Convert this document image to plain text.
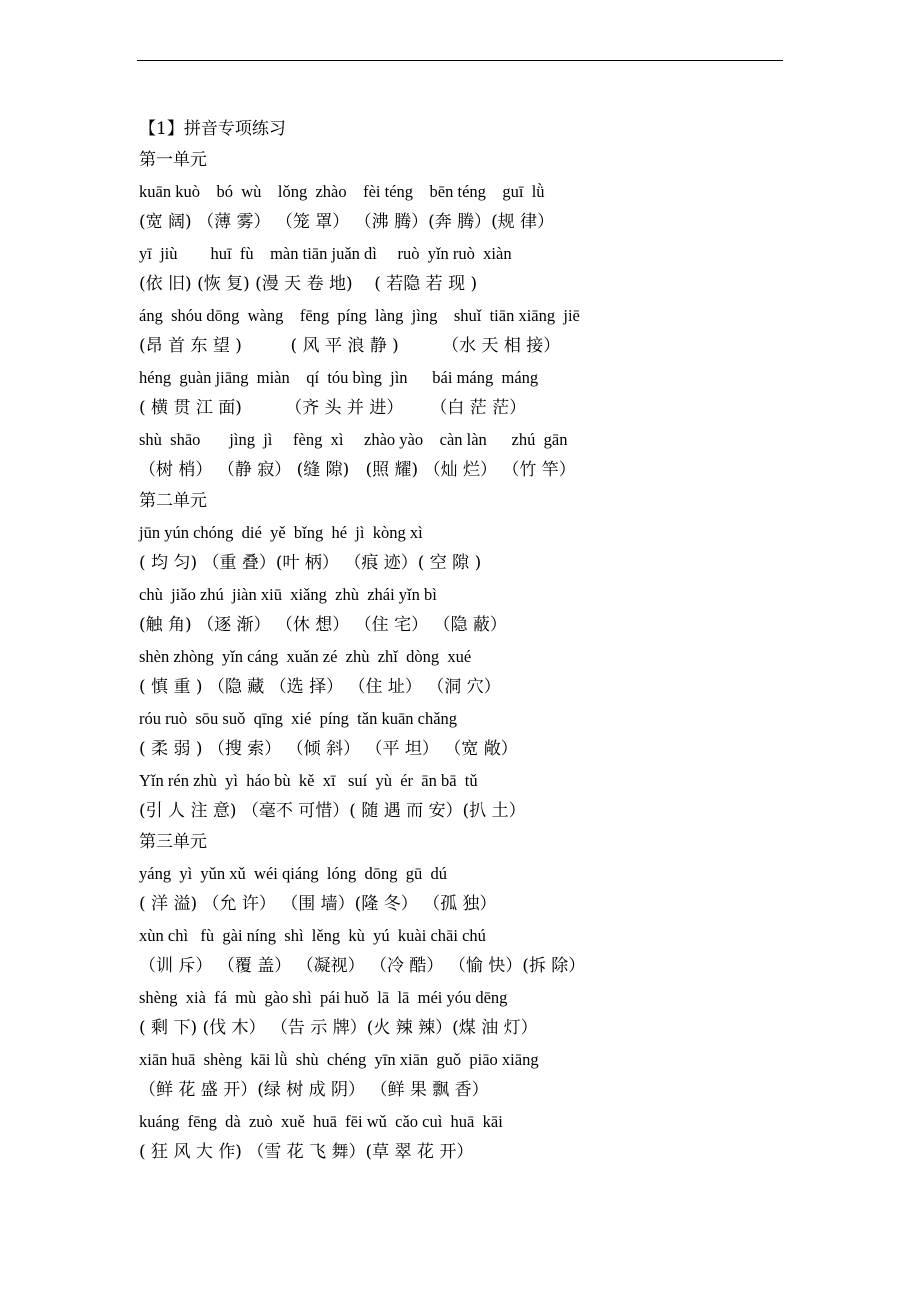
【1】拼音专项练习
第一单元
kuān kuò    bó  wù    lǒng  zhào    fèi téng    bēn téng    guī  lǜ
(宽 阔) （薄 雾） （笼 罩） （沸 腾）(奔 腾）(规 律）
yī  jiù        huī  fù    màn tiān juǎn dì     ruò  yǐn ruò  xiàn
(依 旧) (恢 复) (漫 天 卷 地)    ( 若隐 若 现 )
áng  shóu dōng  wàng    fēng  píng  làng  jìng    shuǐ  tiān xiāng  jiē
(昂 首 东 望 )         ( 风 平 浪 静 )        （水 天 相 接）
héng  guàn jiāng  miàn    qí  tóu bìng  jìn      bái máng  máng
( 横 贯 江 面)        （齐 头 并 进）     （白 茫 茫）
shù  shāo       jìng  jì     fèng  xì     zhào yào    càn làn      zhú  gān
（树 梢） （静 寂） (缝 隙)   (照 耀) （灿 烂） （竹 竿）
第二单元
jūn yún chóng  dié  yě  bǐng  hé  jì  kòng xì
( 均 匀) （重 叠）(叶 柄） （痕 迹）( 空 隙 )
chù  jiǎo zhú  jiàn xiū  xiǎng  zhù  zhái yǐn bì
(触 角) （逐 渐） （休 想） （住 宅） （隐 蔽）
shèn zhòng  yǐn cáng  xuǎn zé  zhù  zhǐ  dòng  xué
( 慎 重 ) （隐 藏 （选 择） （住 址） （洞 穴）
róu ruò  sōu suǒ  qīng  xié  píng  tǎn kuān chǎng
( 柔 弱 ) （搜 索） （倾 斜） （平 坦） （宽 敞）
Yǐn rén zhù  yì  háo bù  kě  xī   suí  yù  ér  ān bā  tǔ
(引 人 注 意) （毫不 可惜）( 随 遇 而 安）(扒 土）
第三单元
yáng  yì  yǔn xǔ  wéi qiáng  lóng  dōng  gū  dú
( 洋 溢) （允 许） （围 墙）(隆 冬） （孤 独）
xùn chì   fù  gài níng  shì  lěng  kù  yú  kuài chāi chú
（训 斥） （覆 盖） （凝视） （冷 酷） （愉 快）(拆 除）
shèng  xià  fá  mù  gào shì  pái huǒ  lā  lā  méi yóu dēng
( 剩 下) (伐 木） （告 示 牌）(火 辣 辣）(煤 油 灯）
xiān huā  shèng  kāi lǜ  shù  chéng  yīn xiān  guǒ  piāo xiāng
（鲜 花 盛 开）(绿 树 成 阴） （鲜 果 飘 香）
kuáng  fēng  dà  zuò  xuě  huā  fēi wǔ  cǎo cuì  huā  kāi
( 狂 风 大 作) （雪 花 飞 舞）(草 翠 花 开）
